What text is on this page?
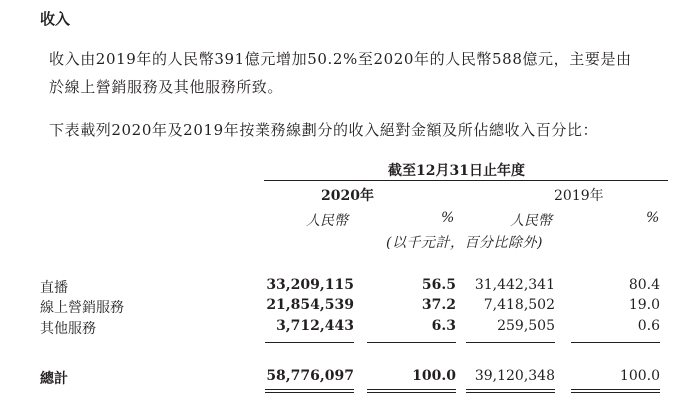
收入
收入由2019年的人民幣391億元增加50.2%至2020年的人民幣588億元，主要是由
於線上營銷服務及其他服務所致。
下表載列2020年及2019年按業務線劃分的收入絕對金額及所佔總收入百分比：
截至12月31日止年度
2020年	2019年
人民幣	%	人民幣	%
(以千元計，百分比除外)
直播	33,209,115	56.5	31,442,341	80.4
線上營銷服務	21,854,539	37.2	7,418,502	19.0
其他服務	3,712,443	6.3	259,505	0.6
總計	58,776,097	100.0	39,120,348	100.0
